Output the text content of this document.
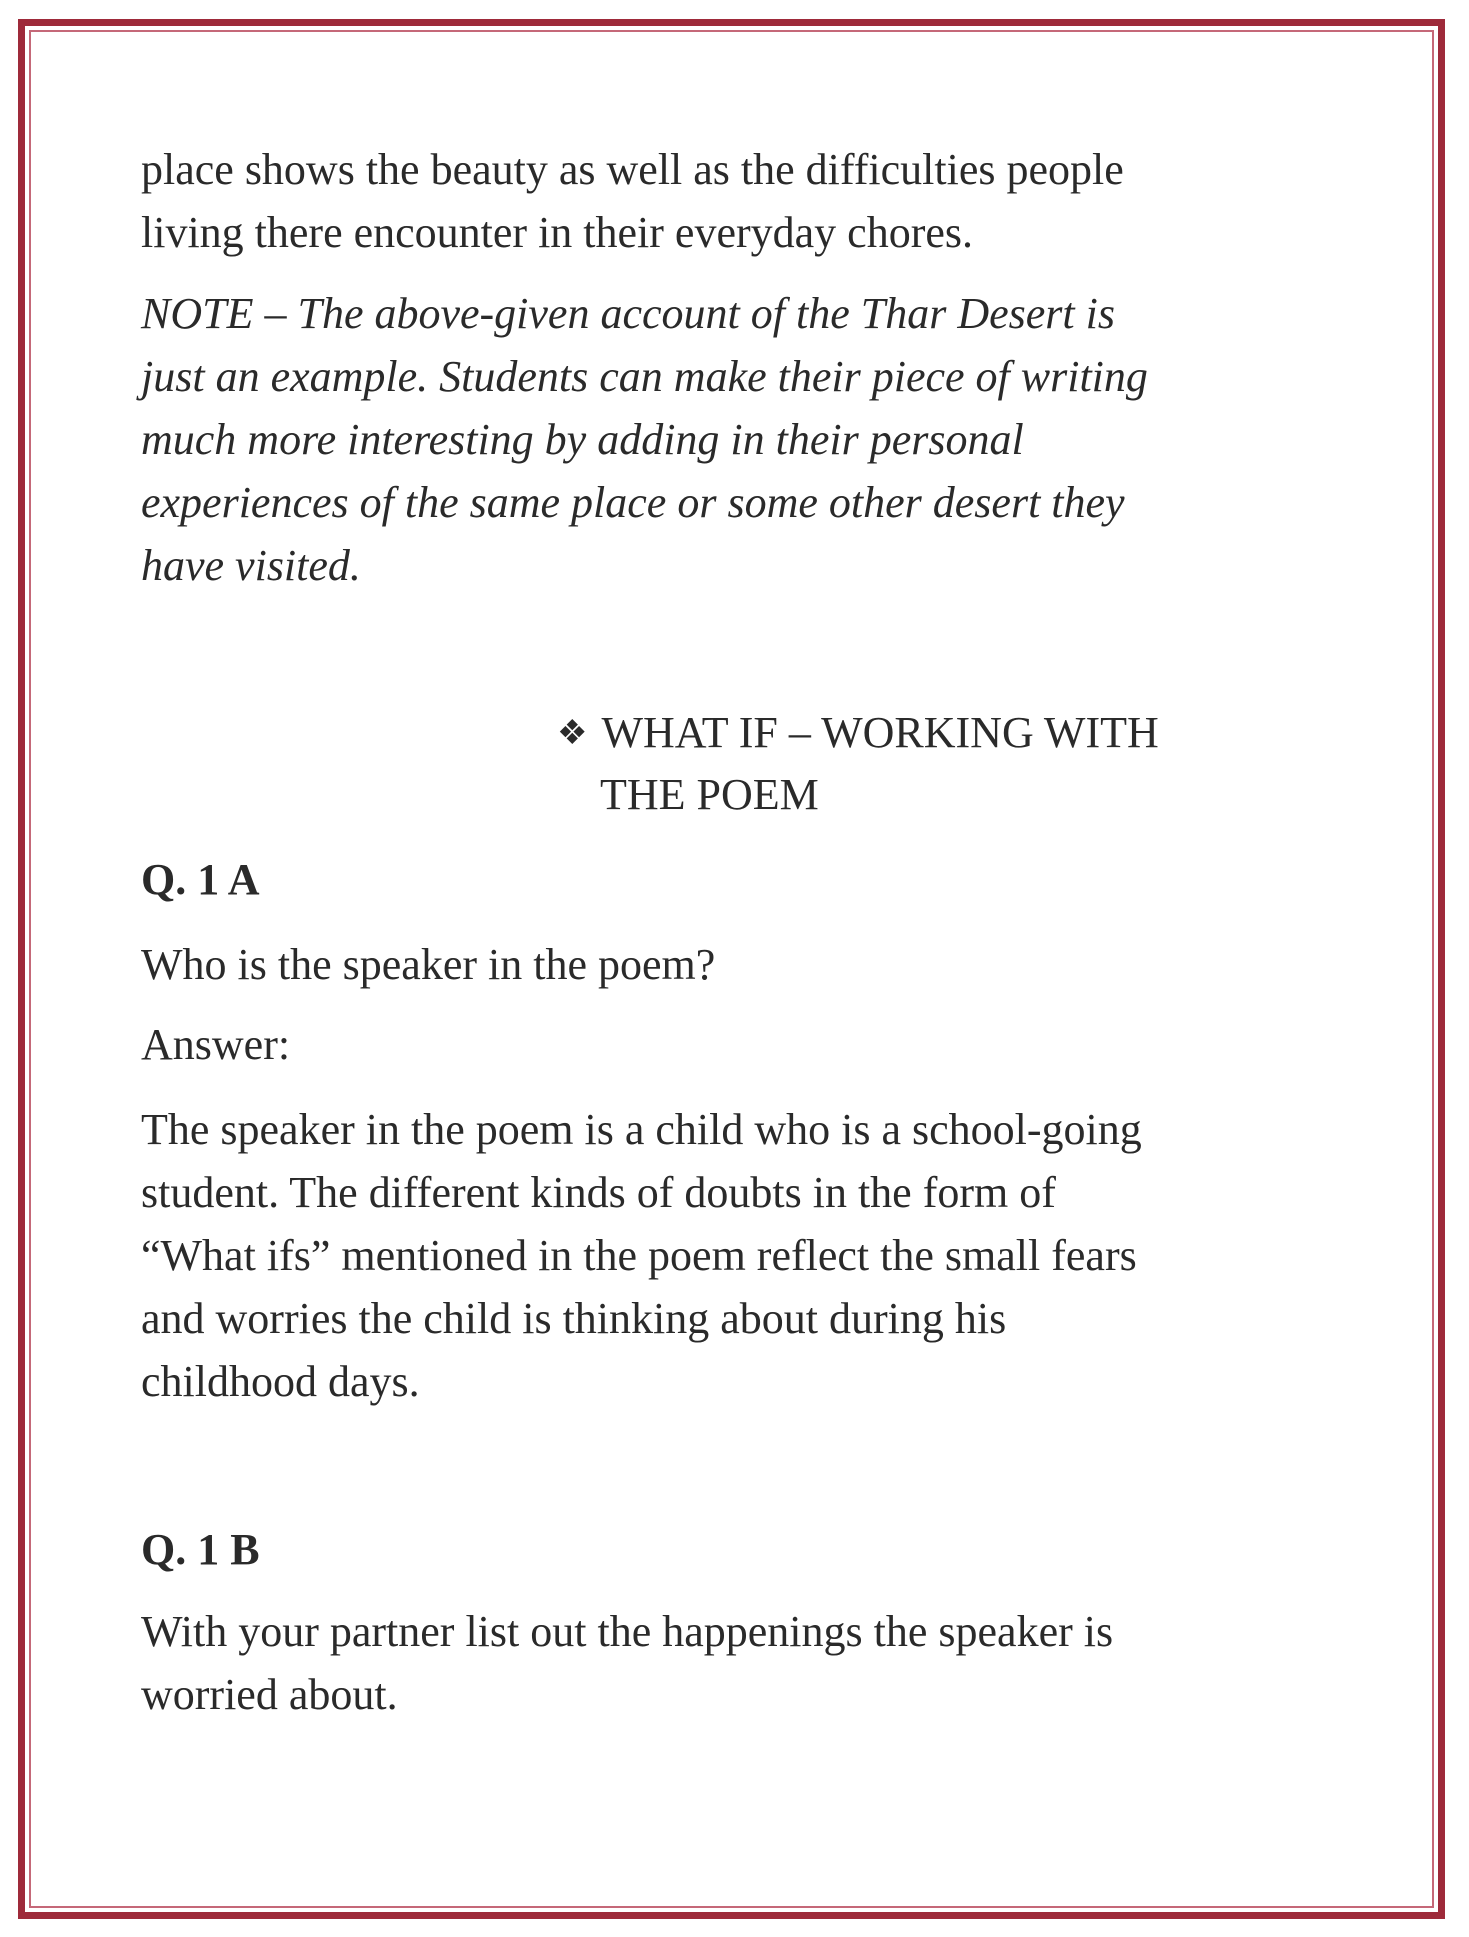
place shows the beauty as well as the difficulties people
living there encounter in their everyday chores.
NOTE – The above-given account of the Thar Desert is
just an example. Students can make their piece of writing
much more interesting by adding in their personal
experiences of the same place or some other desert they
have visited.
❖ WHAT IF – WORKING WITH
THE POEM
Q. 1 A
Who is the speaker in the poem?
Answer:
The speaker in the poem is a child who is a school-going
student. The different kinds of doubts in the form of
“What ifs” mentioned in the poem reflect the small fears
and worries the child is thinking about during his
childhood days.
Q. 1 B
With your partner list out the happenings the speaker is
worried about.
